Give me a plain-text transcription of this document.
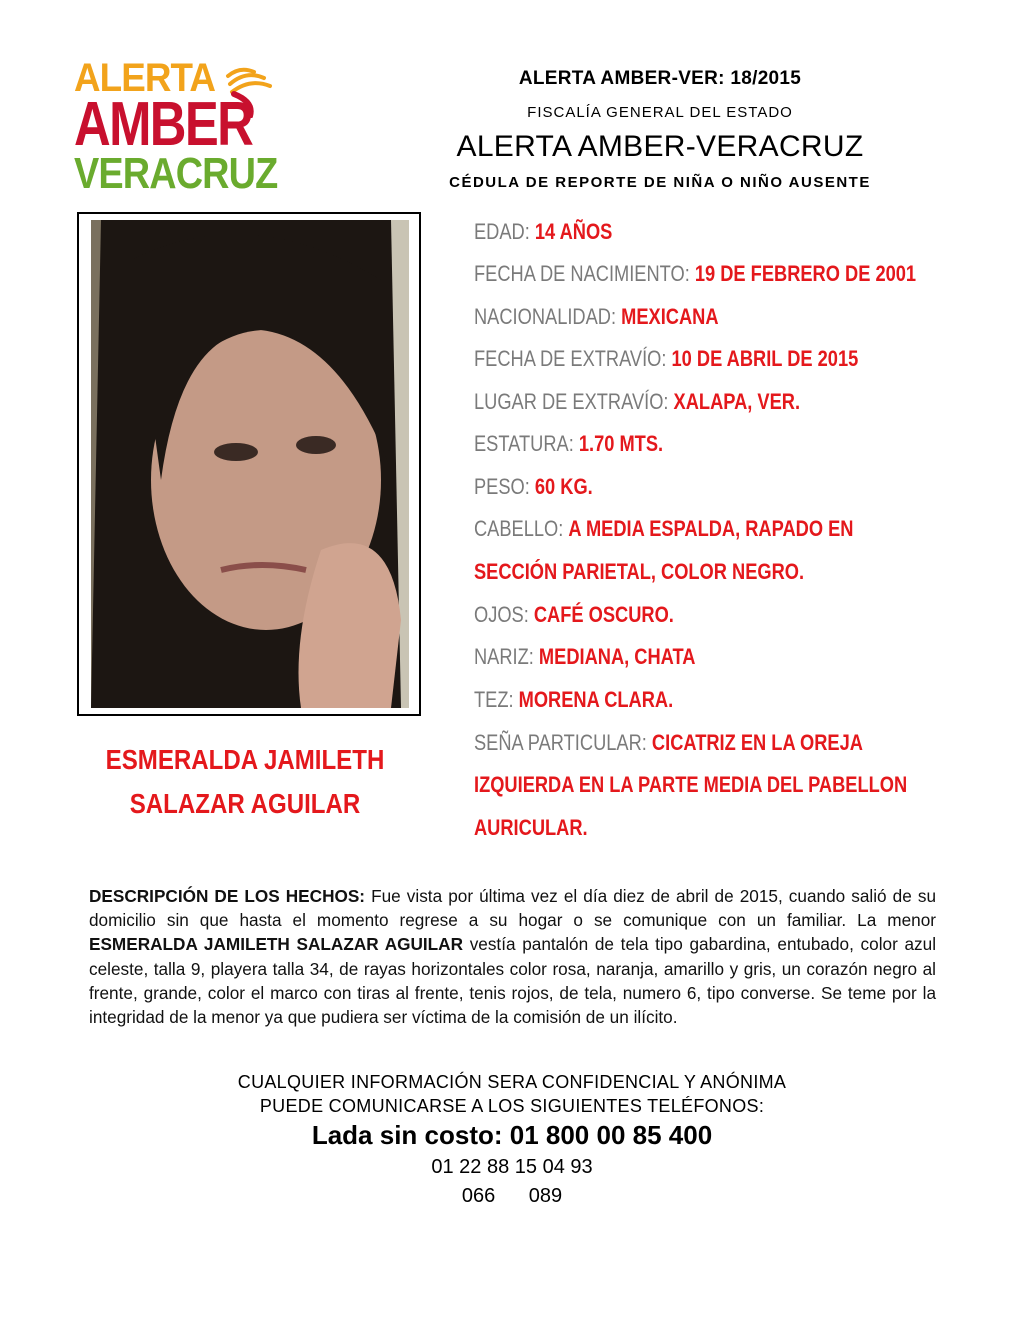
ALERTA
AMBER
VERACRUZ
ALERTA AMBER-VER: 18/2015
FISCALÍA GENERAL DEL ESTADO
ALERTA AMBER-VERACRUZ
CÉDULA DE REPORTE DE NIÑA O NIÑO AUSENTE
ESMERALDA JAMILETH
SALAZAR AGUILAR
EDAD: 14 AÑOS
FECHA DE NACIMIENTO: 19 DE FEBRERO DE 2001
NACIONALIDAD: MEXICANA
FECHA DE EXTRAVÍO: 10 DE ABRIL DE 2015
LUGAR DE EXTRAVÍO: XALAPA, VER.
ESTATURA: 1.70 MTS.
PESO: 60 KG.
CABELLO: A MEDIA ESPALDA, RAPADO EN
SECCIÓN PARIETAL, COLOR NEGRO.
OJOS: CAFÉ OSCURO.
NARIZ: MEDIANA, CHATA
TEZ: MORENA CLARA.
SEÑA PARTICULAR: CICATRIZ EN LA OREJA
IZQUIERDA EN LA PARTE MEDIA DEL PABELLON
AURICULAR.
DESCRIPCIÓN DE LOS HECHOS: Fue vista por última vez el día diez de abril de 2015, cuando salió de su domicilio sin que hasta el momento regrese a su hogar o se comunique con un familiar. La menor ESMERALDA JAMILETH SALAZAR AGUILAR vestía pantalón de tela tipo gabardina, entubado, color azul celeste, talla 9, playera talla 34, de rayas horizontales color rosa, naranja, amarillo y gris, un corazón negro al frente, grande, color el marco con tiras al frente, tenis rojos, de tela, numero 6, tipo converse. Se teme por la integridad de la menor ya que pudiera ser víctima de la comisión de un ilícito.
CUALQUIER INFORMACIÓN SERA CONFIDENCIAL Y ANÓNIMA
PUEDE COMUNICARSE A LOS SIGUIENTES TELÉFONOS:
Lada sin costo: 01 800 00 85 400
01 22 88 15 04 93
066 089
